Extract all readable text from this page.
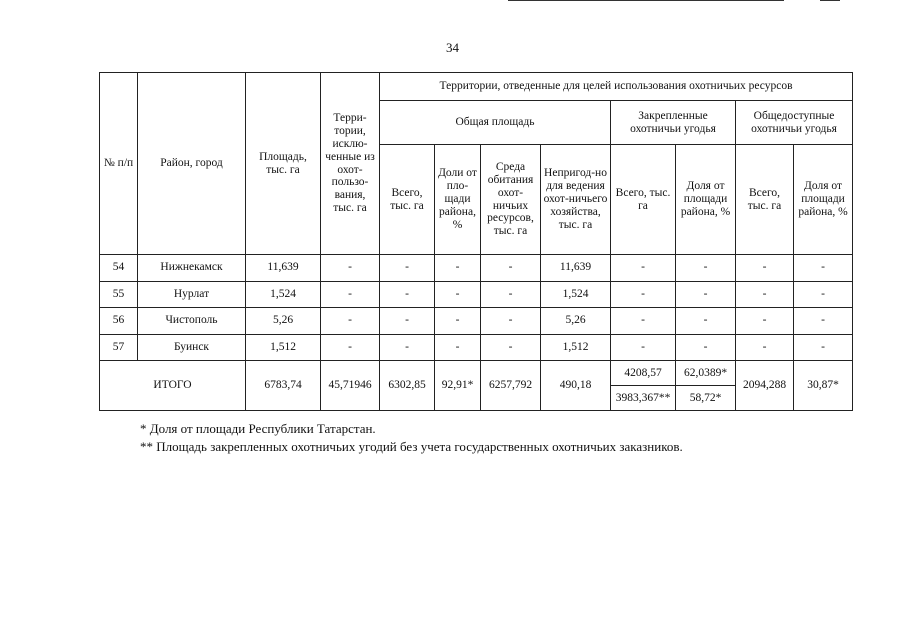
34
№ п/п	Район, город	Площадь, тыс. га	Терри-тории, исклю-ченные из охот-пользо-вания, тыс. га	Территории, отведенные для целей использования охотничьих ресурсов							
				Общая площадь				Закрепленные охотничьи угодья		Общедоступные охотничьи угодья	
				Всего, тыс. га	Доли от пло-щади района, %	Среда обитания охот-ничьих ресурсов, тыс. га	Непригод-но для ведения охот-ничьего хозяйства, тыс. га	Всего, тыс. га	Доля от площади района, %	Всего, тыс. га	Доля от площади района, %
54	Нижнекамск	11,639	-	-	-	-	11,639	-	-	-	-
55	Нурлат	1,524	-	-	-	-	1,524	-	-	-	-
56	Чистополь	5,26	-	-	-	-	5,26	-	-	-	-
57	Буинск	1,512	-	-	-	-	1,512	-	-	-	-
ИТОГО		6783,74	45,71946	6302,85	92,91*	6257,792	490,18	4208,57	62,0389*	2094,288	30,87*
								3983,367**	58,72*		
* Доля от площади Республики Татарстан.
** Площадь закрепленных охотничьих угодий без учета государственных охотничьих заказников.
